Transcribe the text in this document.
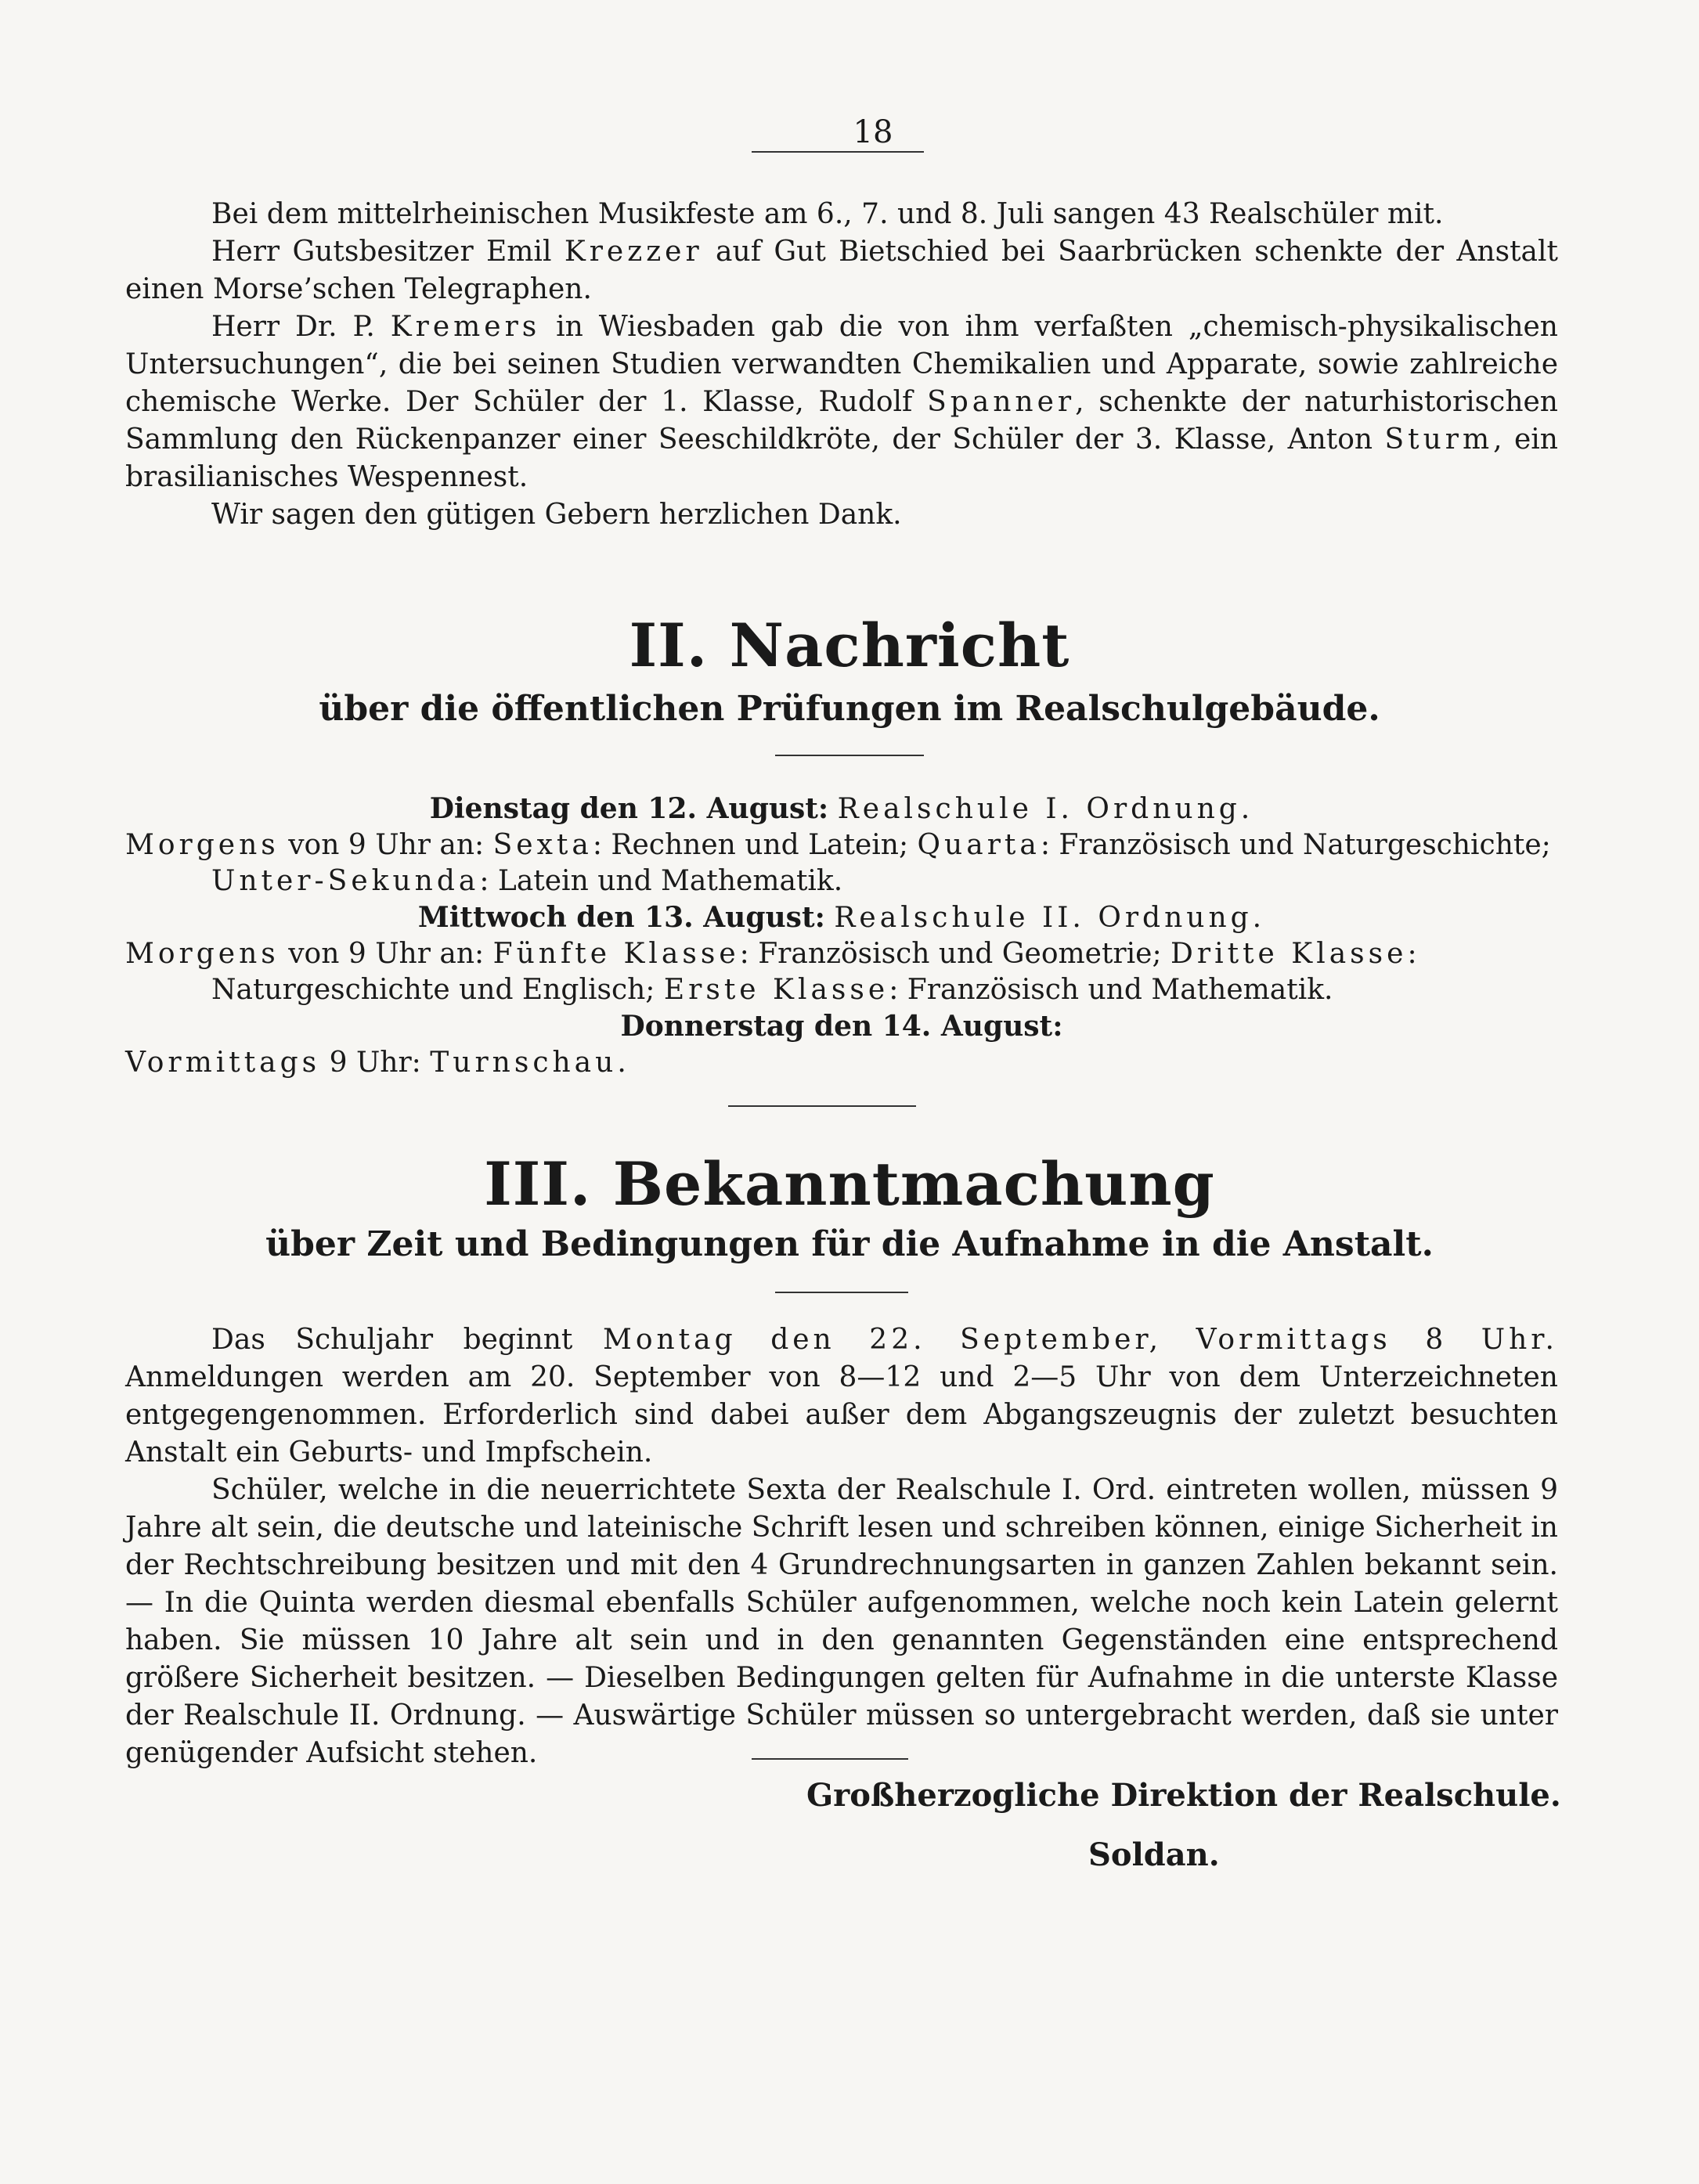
18

Bei dem mittelrheinischen Musikfeste am 6., 7. und 8. Juli sangen 43 Realschüler mit.

Herr Gutsbesitzer Emil Krezzer auf Gut Bietschied bei Saarbrücken schenkte der Anstalt einen Morse’schen Telegraphen.

Herr Dr. P. Kremers in Wiesbaden gab die von ihm verfaßten „chemisch-physikalischen Untersuchungen“, die bei seinen Studien verwandten Chemikalien und Apparate, sowie zahlreiche chemische Werke. Der Schüler der 1. Klasse, Rudolf Spanner, schenkte der naturhistorischen Sammlung den Rückenpanzer einer Seeschildkröte, der Schüler der 3. Klasse, Anton Sturm, ein brasilianisches Wespennest.

Wir sagen den gütigen Gebern herzlichen Dank.

II. Nachricht
über die öffentlichen Prüfungen im Realschulgebäude.
Dienstag den 12. August: Realschule I. Ordnung.
Morgens von 9 Uhr an: Sexta: Rechnen und Latein; Quarta: Französisch und Naturgeschichte;
Unter-Sekunda: Latein und Mathematik.
Mittwoch den 13. August: Realschule II. Ordnung.
Morgens von 9 Uhr an: Fünfte Klasse: Französisch und Geometrie; Dritte Klasse:
Naturgeschichte und Englisch; Erste Klasse: Französisch und Mathematik.
Donnerstag den 14. August:
Vormittags 9 Uhr: Turnschau.
III. Bekanntmachung
über Zeit und Bedingungen für die Aufnahme in die Anstalt.

Das Schuljahr beginnt Montag den 22. September, Vormittags 8 Uhr. Anmeldungen werden am 20. September von 8—12 und 2—5 Uhr von dem Unterzeichneten entgegengenommen. Erforderlich sind dabei außer dem Abgangszeugnis der zuletzt besuchten Anstalt ein Geburts- und Impfschein.

Schüler, welche in die neuerrichtete Sexta der Realschule I. Ord. eintreten wollen, müssen 9 Jahre alt sein, die deutsche und lateinische Schrift lesen und schreiben können, einige Sicherheit in der Rechtschreibung besitzen und mit den 4 Grundrechnungsarten in ganzen Zahlen bekannt sein. — In die Quinta werden diesmal ebenfalls Schüler aufgenommen, welche noch kein Latein gelernt haben. Sie müssen 10 Jahre alt sein und in den genannten Gegenständen eine entsprechend größere Sicherheit besitzen. — Dieselben Bedingungen gelten für Aufnahme in die unterste Klasse der Realschule II. Ordnung. — Auswärtige Schüler müssen so untergebracht werden, daß sie unter genügender Aufsicht stehen.

Großherzogliche Direktion der Realschule.
Soldan.
